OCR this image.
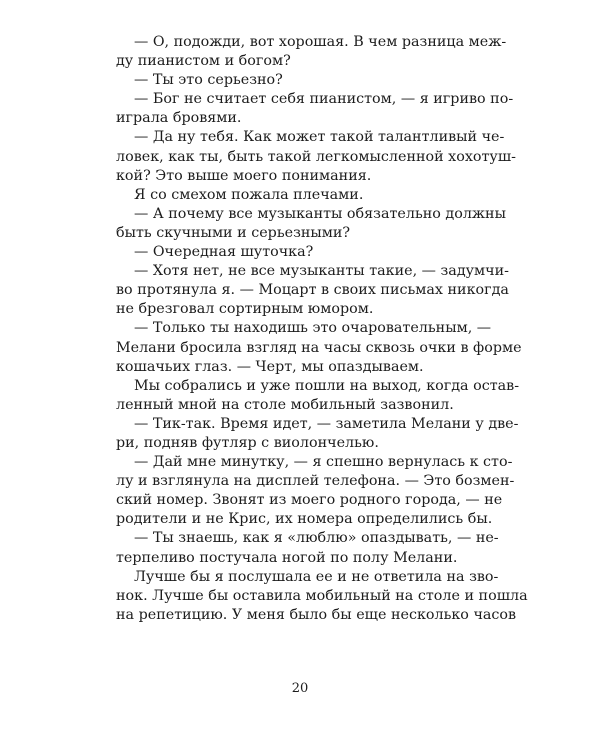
— О, подожди, вот хорошая. В чем разница меж-
ду пианистом и богом?
— Ты это серьезно?
— Бог не считает себя пианистом, — я игриво по-
играла бровями.
— Да ну тебя. Как может такой талантливый че-
ловек, как ты, быть такой легкомысленной хохотуш-
кой? Это выше моего понимания.
Я со смехом пожала плечами.
— А почему все музыканты обязательно должны
быть скучными и серьезными?
— Очередная шуточка?
— Хотя нет, не все музыканты такие, — задумчи-
во протянула я. — Моцарт в своих письмах никогда
не брезговал сортирным юмором.
— Только ты находишь это очаровательным, —
Мелани бросила взгляд на часы сквозь очки в форме
кошачьих глаз. — Черт, мы опаздываем.
Мы собрались и уже пошли на выход, когда остав-
ленный мной на столе мобильный зазвонил.
— Тик-так. Время идет, — заметила Мелани у две-
ри, подняв футляр с виолончелью.
— Дай мне минутку, — я спешно вернулась к сто-
лу и взглянула на дисплей телефона. — Это бозмен-
ский номер. Звонят из моего родного города, — не
родители и не Крис, их номера определились бы.
— Ты знаешь, как я «люблю» опаздывать, — не-
терпеливо постучала ногой по полу Мелани.
Лучше бы я послушала ее и не ответила на зво-
нок. Лучше бы оставила мобильный на столе и пошла
на репетицию. У меня было бы еще несколько часов
20
